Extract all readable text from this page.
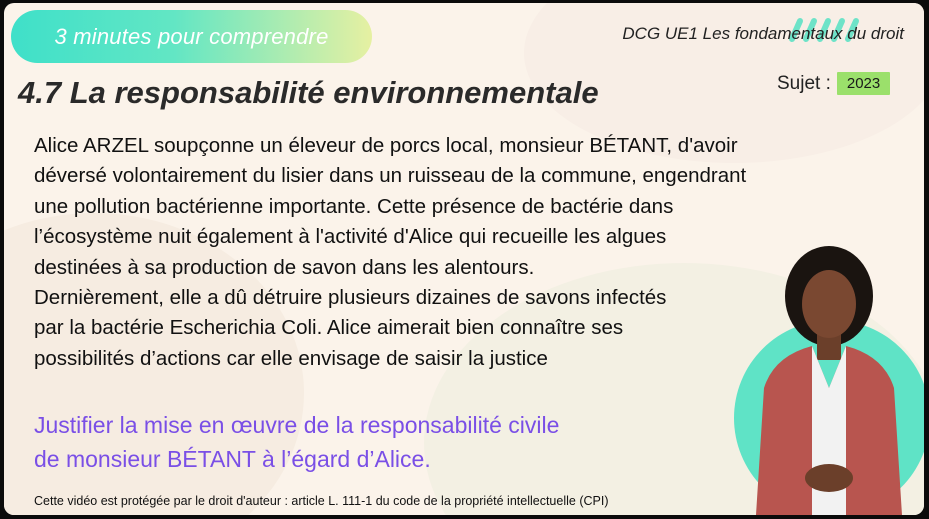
3 minutes pour comprendre	DCG UE1 Les fondamentaux du droit
4.7 La responsabilité environnementale	Sujet :	2023
Alice ARZEL soupçonne un éleveur de porcs local, monsieur BÉTANT, d'avoir
déversé volontairement du lisier dans un ruisseau de la commune, engendrant
une pollution bactérienne importante. Cette présence de bactérie dans
l’écosystème nuit également à l'activité d'Alice qui recueille les algues
destinées à sa production de savon dans les alentours.
Dernièrement, elle a dû détruire plusieurs dizaines de savons infectés
par la bactérie Escherichia Coli. Alice aimerait bien connaître ses
possibilités d’actions car elle envisage de saisir la justice
Justifier la mise en œuvre de la responsabilité civile
de monsieur BÉTANT à l’égard d’Alice.
Cette vidéo est protégée par le droit d'auteur : article L. 111-1 du code de la propriété intellectuelle (CPI)
